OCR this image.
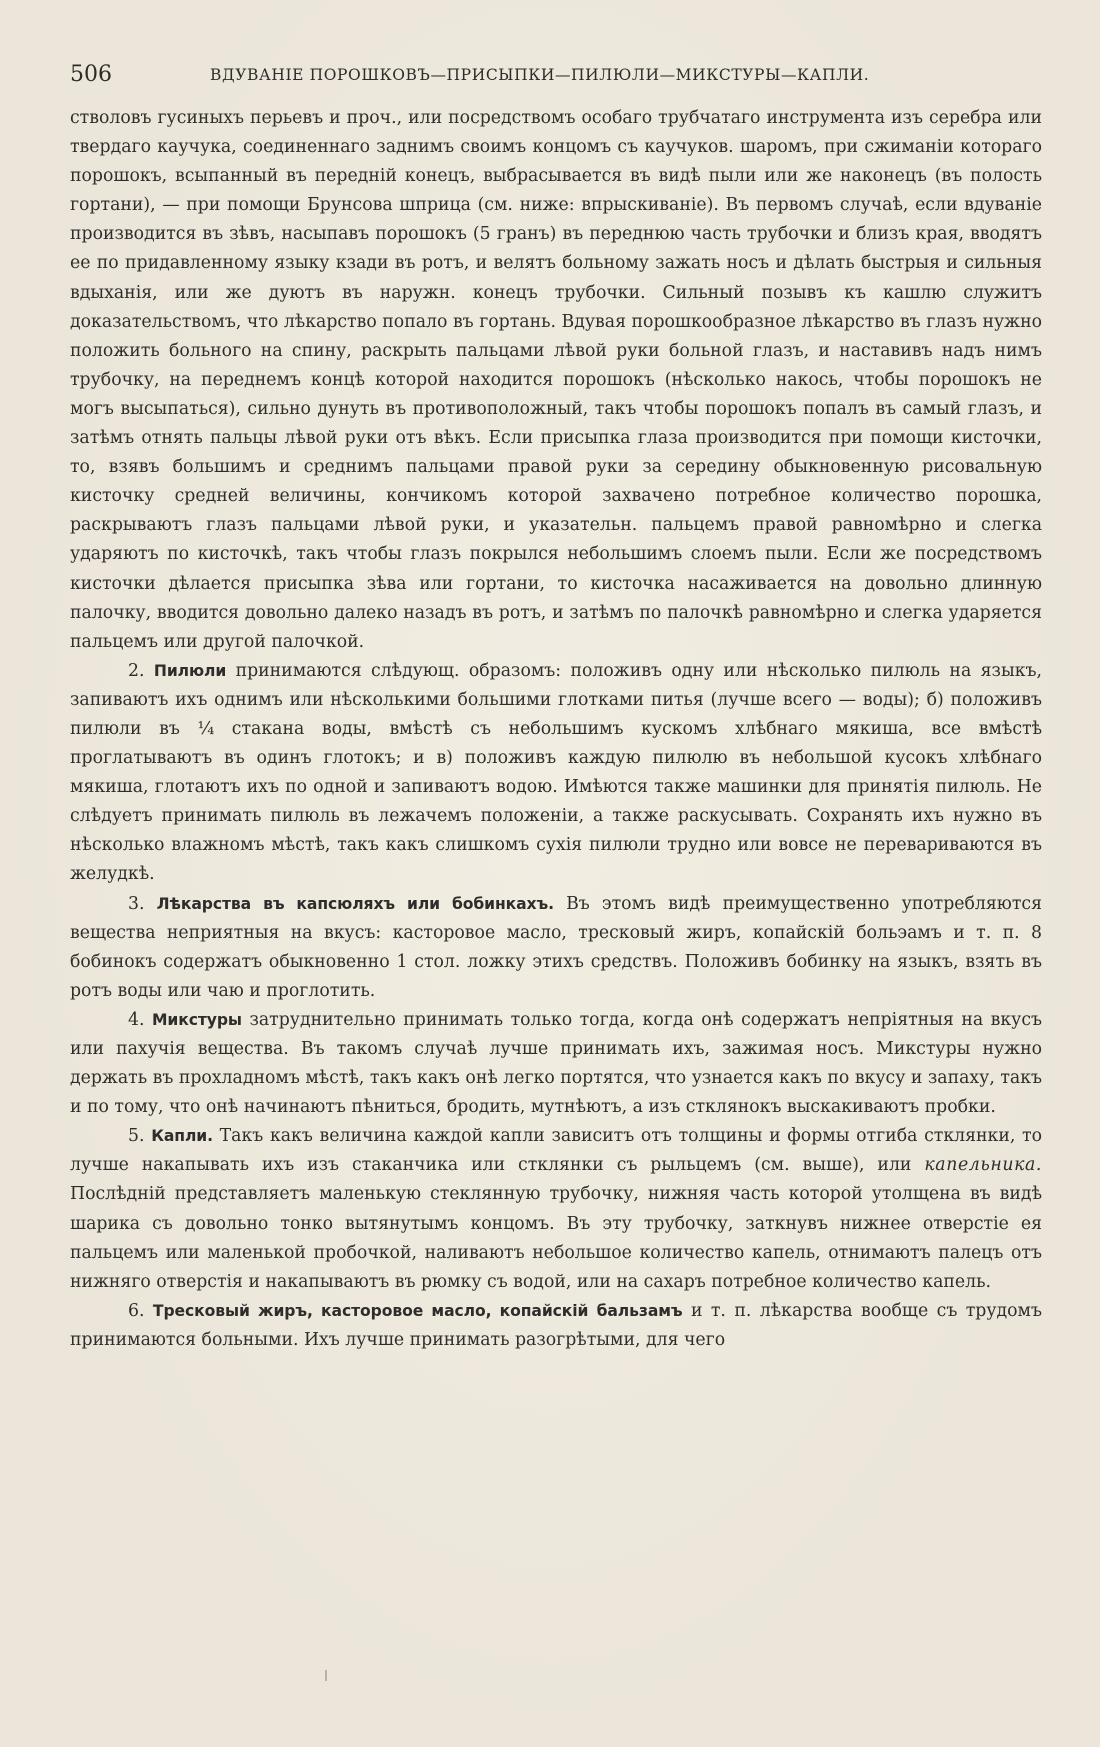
506	ВДУВАНIЕ ПОРОШКОВЪ—ПРИСЫПКИ—ПИЛЮЛИ—МИКСТУРЫ—КАПЛИ.

стволовъ гусиныхъ перьевъ и проч., или посредствомъ особаго трубчатаго инструмента изъ серебра или твердаго каучука, соединеннаго заднимъ своимъ концомъ съ каучуков. шаромъ, при сжиманiи котораго порошокъ, всыпанный въ переднiй конецъ, выбрасывается въ видѣ пыли или же наконецъ (въ полость гортани), — при помощи Брунсова шприца (см. ниже: впрыскиванiе). Въ первомъ случаѣ, если вдуванiе производится въ зѣвъ, насыпавъ порошокъ (5 гранъ) въ переднюю часть трубочки и близъ края, вводятъ ее по придавленному языку кзади въ ротъ, и велятъ больному зажать носъ и дѣлать быстрыя и сильныя вдыханiя, или же дуютъ въ наружн. конецъ трубочки. Сильный позывъ къ кашлю служитъ доказательствомъ, что лѣкарство попало въ гортань. Вдувая порошкообразное лѣкарство въ глазъ нужно положить больного на спину, раскрыть пальцами лѣвой руки больной глазъ, и наставивъ надъ нимъ трубочку, на переднемъ концѣ которой находится порошокъ (нѣсколько накось, чтобы порошокъ не могъ высыпаться), сильно дунуть въ противоположный, такъ чтобы порошокъ попалъ въ самый глазъ, и затѣмъ отнять пальцы лѣвой руки отъ вѣкъ. Если присыпка глаза производится при помощи кисточки, то, взявъ большимъ и среднимъ пальцами правой руки за середину обыкновенную рисовальную кисточку средней величины, кончикомъ которой захвачено потребное количество порошка, раскрываютъ глазъ пальцами лѣвой руки, и указательн. пальцемъ правой равномѣрно и слегка ударяютъ по кисточкѣ, такъ чтобы глазъ покрылся небольшимъ слоемъ пыли. Если же посредствомъ кисточки дѣлается присыпка зѣва или гортани, то кисточка насаживается на довольно длинную палочку, вводится довольно далеко назадъ въ ротъ, и затѣмъ по палочкѣ равномѣрно и слегка ударяется пальцемъ или другой палочкой.

2. Пилюли принимаются слѣдующ. образомъ: положивъ одну или нѣсколько пилюль на языкъ, запиваютъ ихъ однимъ или нѣсколькими большими глотками питья (лучше всего — воды); б) положивъ пилюли въ ¼ стакана воды, вмѣстѣ съ небольшимъ кускомъ хлѣбнаго мякиша, все вмѣстѣ проглатываютъ въ одинъ глотокъ; и в) положивъ каждую пилюлю въ небольшой кусокъ хлѣбнаго мякиша, глотаютъ ихъ по одной и запиваютъ водою. Имѣются также машинки для принятiя пилюль. Не слѣдуетъ принимать пилюль въ лежачемъ положенiи, а также раскусывать. Сохранять ихъ нужно въ нѣсколько влажномъ мѣстѣ, такъ какъ слишкомъ сухiя пилюли трудно или вовсе не перевариваются въ желудкѣ.

3. Лѣкарства въ капсюляхъ или бобинкахъ. Въ этомъ видѣ преимущественно употребляются вещества неприятныя на вкусъ: касторовое масло, тресковый жиръ, копайскiй больэамъ и т. п. 8 бобинокъ содержатъ обыкновенно 1 стол. ложку этихъ средствъ. Положивъ бобинку на языкъ, взять въ ротъ воды или чаю и проглотить.

4. Микстуры затруднительно принимать только тогда, когда онѣ содержатъ непрiятныя на вкусъ или пахучiя вещества. Въ такомъ случаѣ лучше принимать ихъ, зажимая носъ. Микстуры нужно держать въ прохладномъ мѣстѣ, такъ какъ онѣ легко портятся, что узнается какъ по вкусу и запаху, такъ и по тому, что онѣ начинаютъ пѣниться, бродить, мутнѣютъ, а изъ стклянокъ выскакиваютъ пробки.

5. Капли. Такъ какъ величина каждой капли зависитъ отъ толщины и формы отгиба стклянки, то лучше накапывать ихъ изъ стаканчика или стклянки съ рыльцемъ (см. выше), или капельника. Послѣднiй представляетъ маленькую стеклянную трубочку, нижняя часть которой утолщена въ видѣ шарика съ довольно тонко вытянутымъ концомъ. Въ эту трубочку, заткнувъ нижнее отверстiе ея пальцемъ или маленькой пробочкой, наливаютъ небольшое количество капель, отнимаютъ палецъ отъ нижняго отверстiя и накапываютъ въ рюмку съ водой, или на сахаръ потребное количество капель.

6. Тресковый жиръ, касторовое масло, копайскiй бальзамъ и т. п. лѣкарства вообще съ трудомъ принимаются больными. Ихъ лучше принимать разогрѣтыми, для чего
